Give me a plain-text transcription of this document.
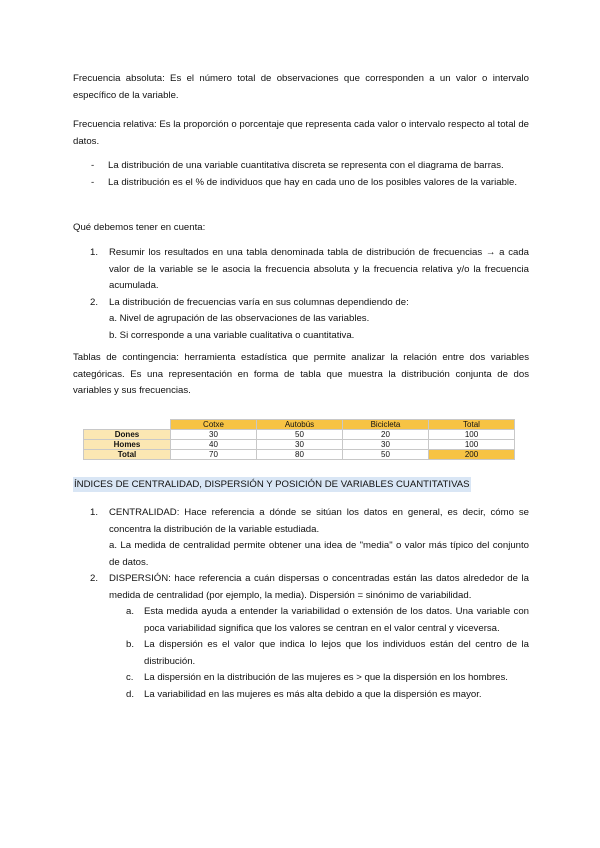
Frecuencia absoluta: Es el número total de observaciones que corresponden a un valor o intervalo específico de la variable.

Frecuencia relativa: Es la proporción o porcentaje que representa cada valor o intervalo respecto al total de datos.

- La distribución de una variable cuantitativa discreta se representa con el diagrama de barras.
- La distribución es el % de individuos que hay en cada uno de los posibles valores de la variable.

Qué debemos tener en cuenta:

1. Resumir los resultados en una tabla denominada tabla de distribución de frecuencias → a cada valor de la variable se le asocia la frecuencia absoluta y la frecuencia relativa y/o la frecuencia acumulada.
2. La distribución de frecuencias varía en sus columnas dependiendo de:
a. Nivel de agrupación de las observaciones de las variables.
b. Si corresponde a una variable cualitativa o cuantitativa.

Tablas de contingencia: herramienta estadística que permite analizar la relación entre dos variables categóricas. Es una representación en forma de tabla que muestra la distribución conjunta de dos variables y sus frecuencias.

	Cotxe	Autobús	Bicicleta	Total
Dones	30	50	20	100
Homes	40	30	30	100
Total	70	80	50	200
ÍNDICES DE CENTRALIDAD, DISPERSIÓN Y POSICIÓN DE VARIABLES CUANTITATIVAS
1. CENTRALIDAD: Hace referencia a dónde se sitúan los datos en general, es decir, cómo se concentra la distribución de la variable estudiada.
a. La medida de centralidad permite obtener una idea de "media" o valor más típico del conjunto de datos.
2. DISPERSIÓN: hace referencia a cuán dispersas o concentradas están las datos alrededor de la medida de centralidad (por ejemplo, la media). Dispersión = sinónimo de variabilidad.
a. Esta medida ayuda a entender la variabilidad o extensión de los datos. Una variable con poca variabilidad significa que los valores se centran en el valor central y viceversa.
b. La dispersión es el valor que indica lo lejos que los individuos están del centro de la distribución.
c. La dispersión en la distribución de las mujeres es > que la dispersión en los hombres.
d. La variabilidad en las mujeres es más alta debido a que la dispersión es mayor.
